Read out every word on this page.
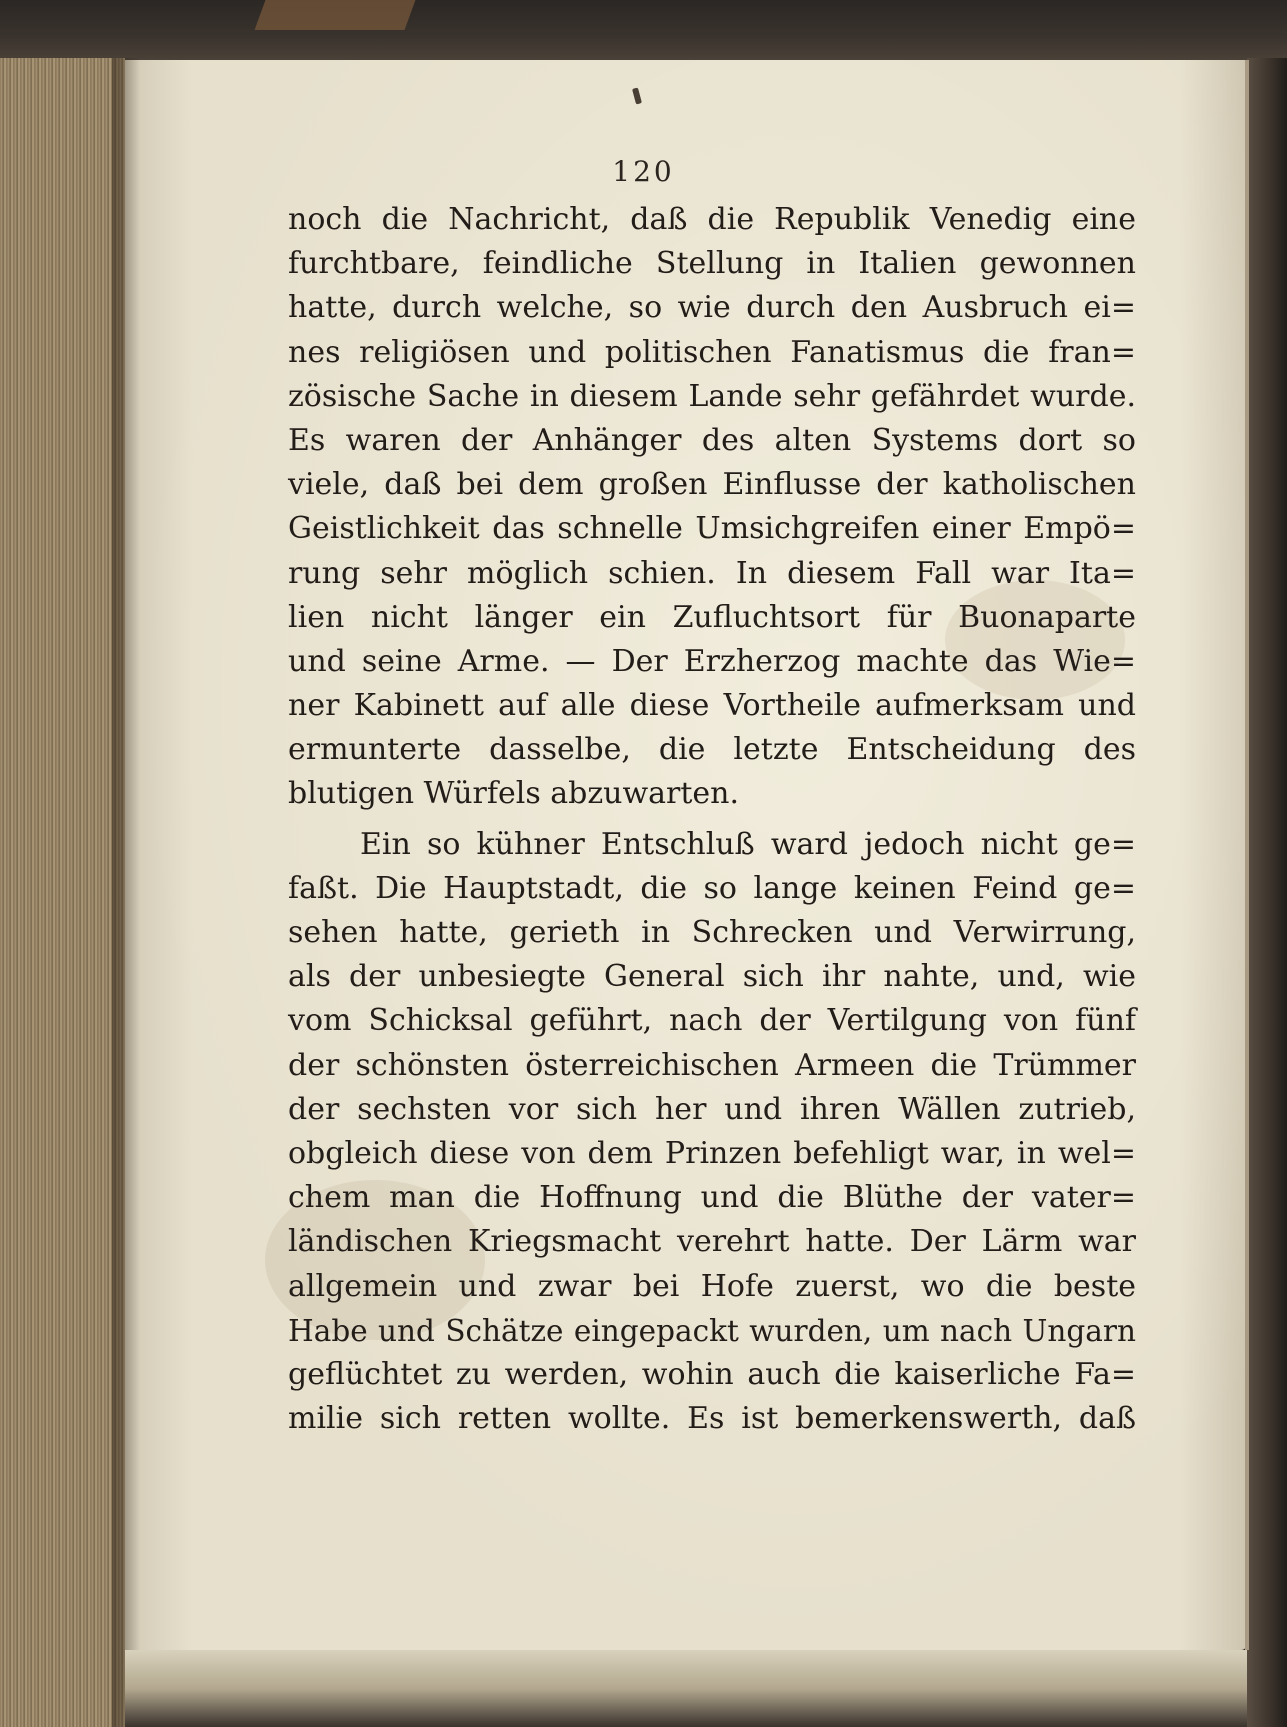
120
noch die Nachricht, daß die Republik Venedig eine
furchtbare, feindliche Stellung in Italien gewonnen
hatte, durch welche, so wie durch den Ausbruch ei=
nes religiösen und politischen Fanatismus die fran=
zösische Sache in diesem Lande sehr gefährdet wurde.
Es waren der Anhänger des alten Systems dort so
viele, daß bei dem großen Einflusse der katholischen
Geistlichkeit das schnelle Umsichgreifen einer Empö=
rung sehr möglich schien. In diesem Fall war Ita=
lien nicht länger ein Zufluchtsort für Buonaparte
und seine Arme. — Der Erzherzog machte das Wie=
ner Kabinett auf alle diese Vortheile aufmerksam und
ermunterte dasselbe, die letzte Entscheidung des
blutigen Würfels abzuwarten.
Ein so kühner Entschluß ward jedoch nicht ge=
faßt. Die Hauptstadt, die so lange keinen Feind ge=
sehen hatte, gerieth in Schrecken und Verwirrung,
als der unbesiegte General sich ihr nahte, und, wie
vom Schicksal geführt, nach der Vertilgung von fünf
der schönsten österreichischen Armeen die Trümmer
der sechsten vor sich her und ihren Wällen zutrieb,
obgleich diese von dem Prinzen befehligt war, in wel=
chem man die Hoffnung und die Blüthe der vater=
ländischen Kriegsmacht verehrt hatte. Der Lärm war
allgemein und zwar bei Hofe zuerst, wo die beste
Habe und Schätze eingepackt wurden, um nach Ungarn
geflüchtet zu werden, wohin auch die kaiserliche Fa=
milie sich retten wollte. Es ist bemerkenswerth, daß
